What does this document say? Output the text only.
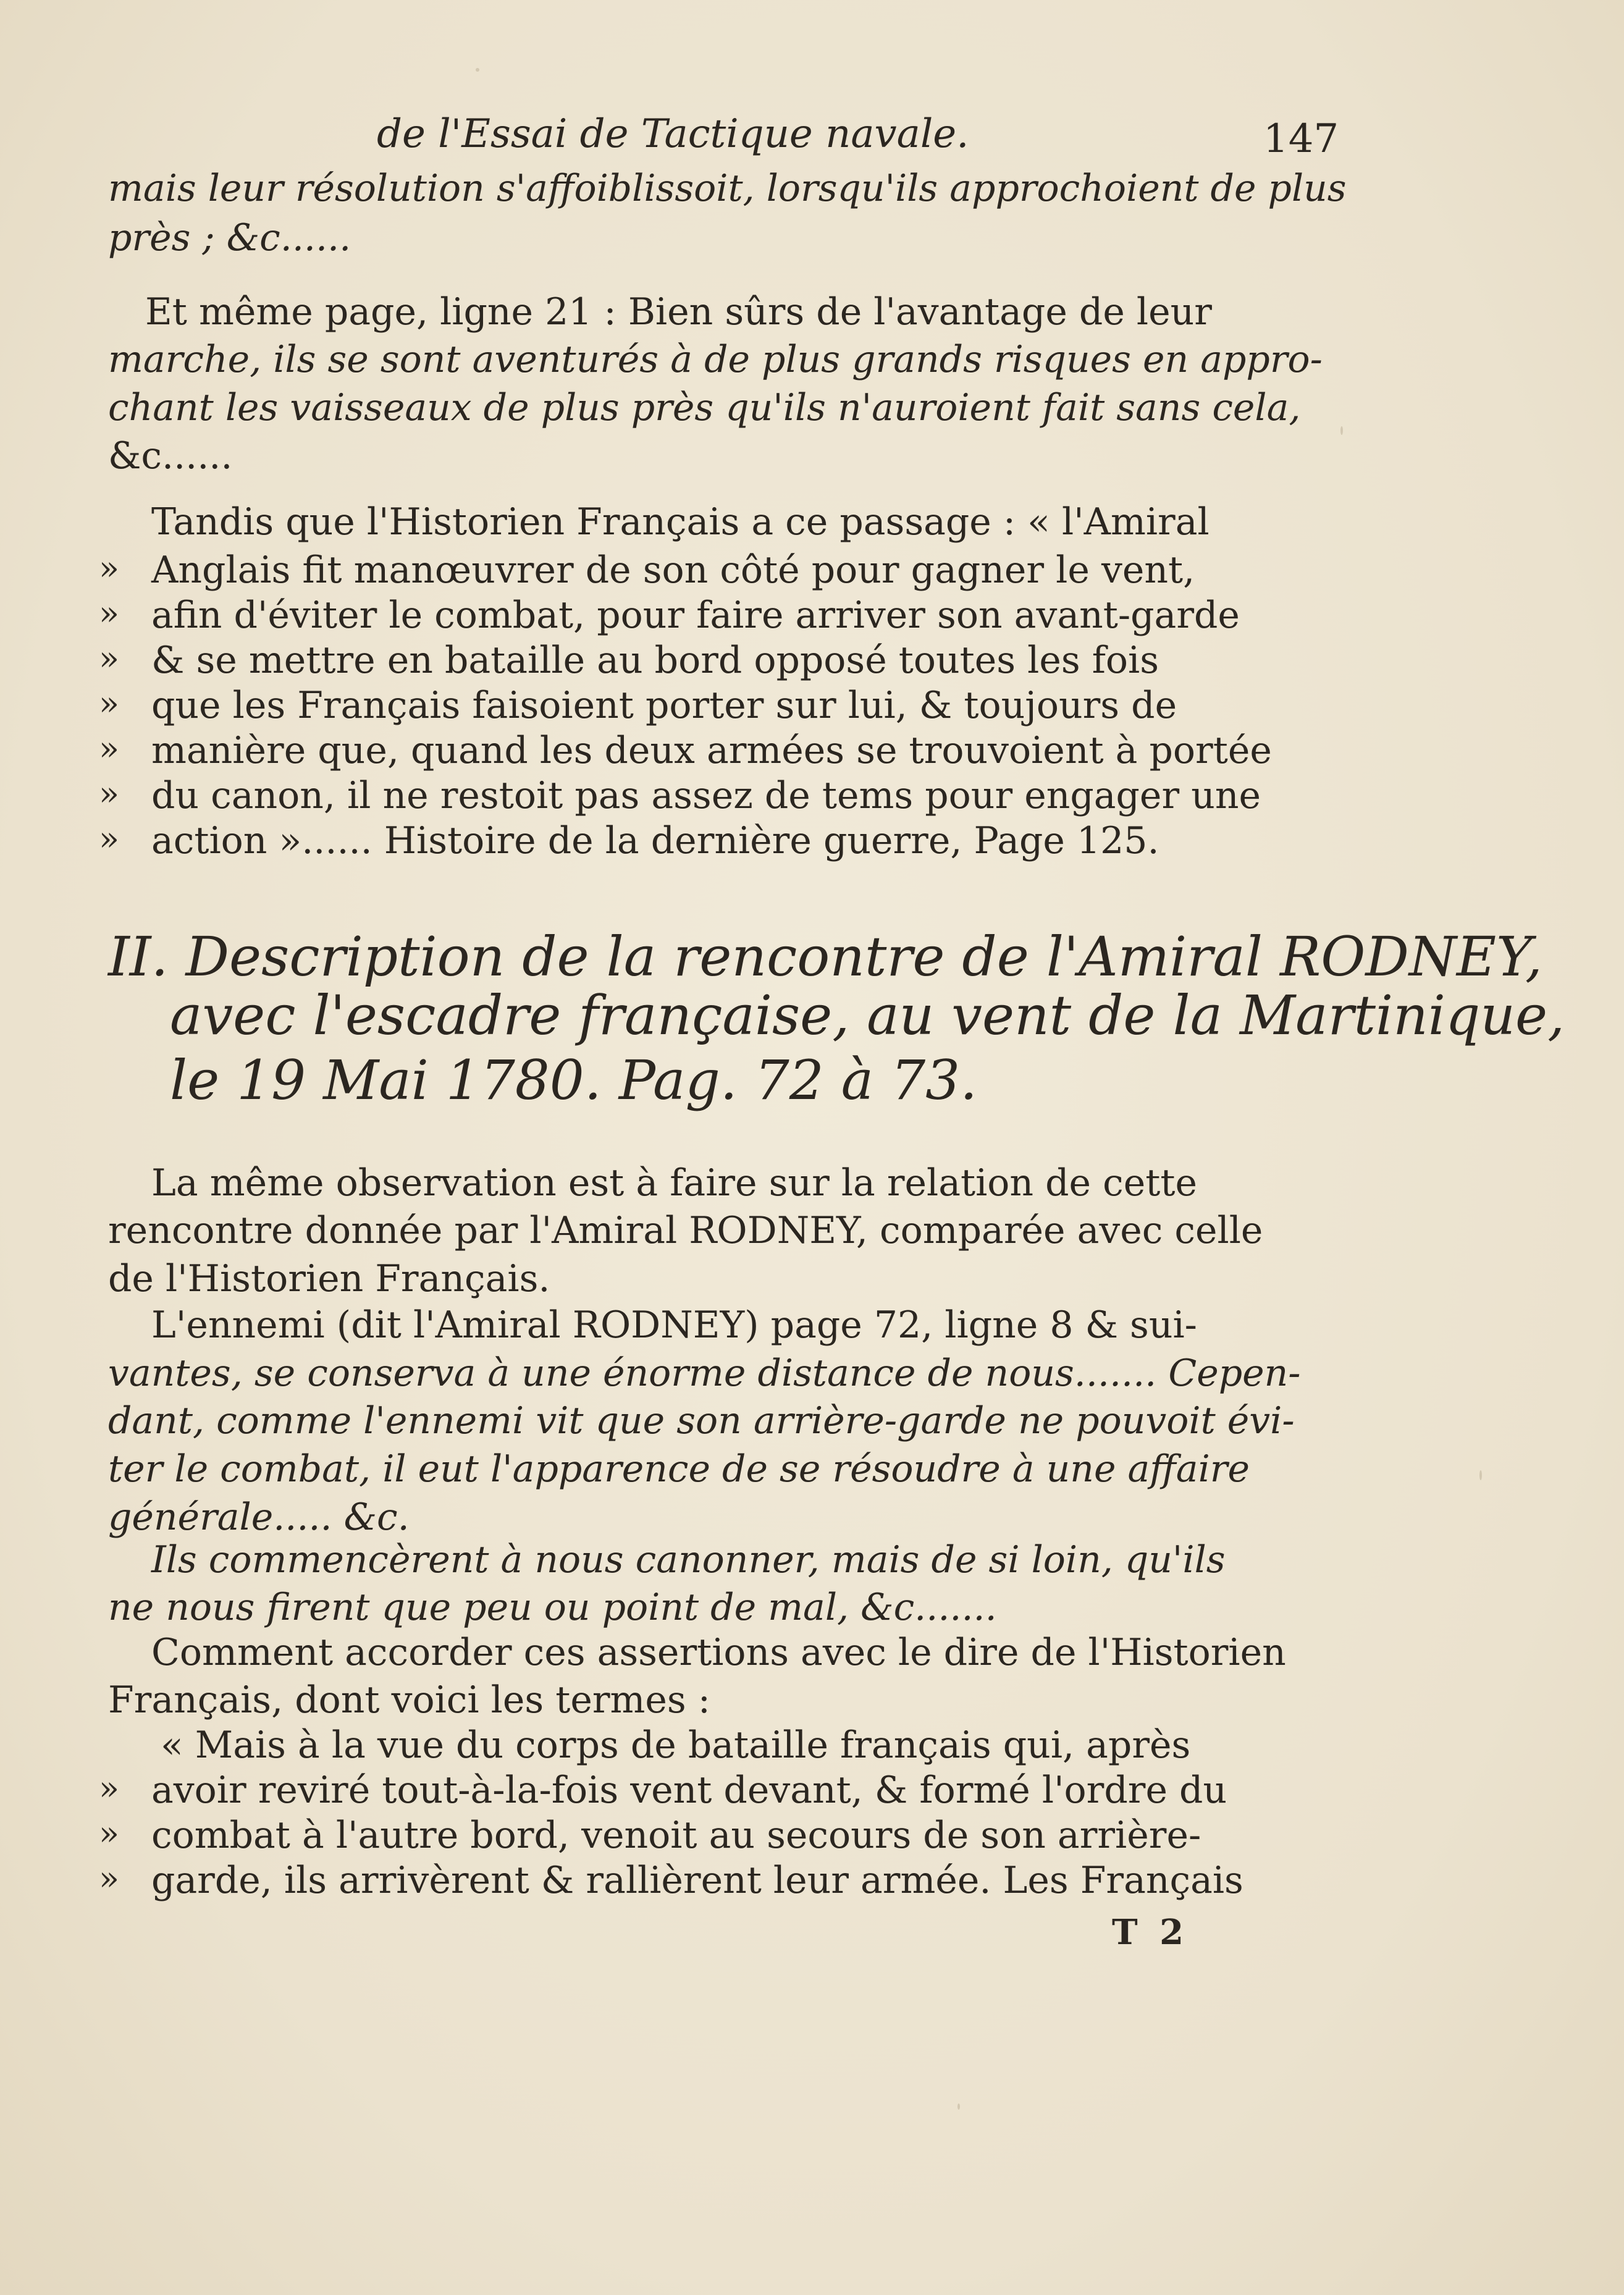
de l'Essai de Tactique navale.	147
mais leur résolution s'affoiblissoit, lorsqu'ils approchoient de plus
près ; &c......
Et même page, ligne 21 : Bien sûrs de l'avantage de leur
marche, ils se sont aventurés à de plus grands risques en appro-
chant les vaisseaux de plus près qu'ils n'auroient fait sans cela,
&c......
Tandis que l'Historien Français a ce passage : « l'Amiral
» Anglais fit manœuvrer de son côté pour gagner le vent,
» afin d'éviter le combat, pour faire arriver son avant-garde
» & se mettre en bataille au bord opposé toutes les fois
» que les Français faisoient porter sur lui, & toujours de
» manière que, quand les deux armées se trouvoient à portée
» du canon, il ne restoit pas assez de tems pour engager une
» action »...... Histoire de la dernière guerre, Page 125.
II. Description de la rencontre de l'Amiral RODNEY,
avec l'escadre française, au vent de la Martinique,
le 19 Mai 1780. Pag. 72 à 73.
La même observation est à faire sur la relation de cette
rencontre donnée par l'Amiral RODNEY, comparée avec celle
de l'Historien Français.
L'ennemi (dit l'Amiral RODNEY) page 72, ligne 8 & sui-
vantes, se conserva à une énorme distance de nous....... Cepen-
dant, comme l'ennemi vit que son arrière-garde ne pouvoit évi-
ter le combat, il eut l'apparence de se résoudre à une affaire
générale..... &c.
Ils commencèrent à nous canonner, mais de si loin, qu'ils
ne nous firent que peu ou point de mal, &c.......
Comment accorder ces assertions avec le dire de l'Historien
Français, dont voici les termes :
« Mais à la vue du corps de bataille français qui, après
» avoir reviré tout-à-la-fois vent devant, & formé l'ordre du
» combat à l'autre bord, venoit au secours de son arrière-
» garde, ils arrivèrent & rallièrent leur armée. Les Français
T 2
